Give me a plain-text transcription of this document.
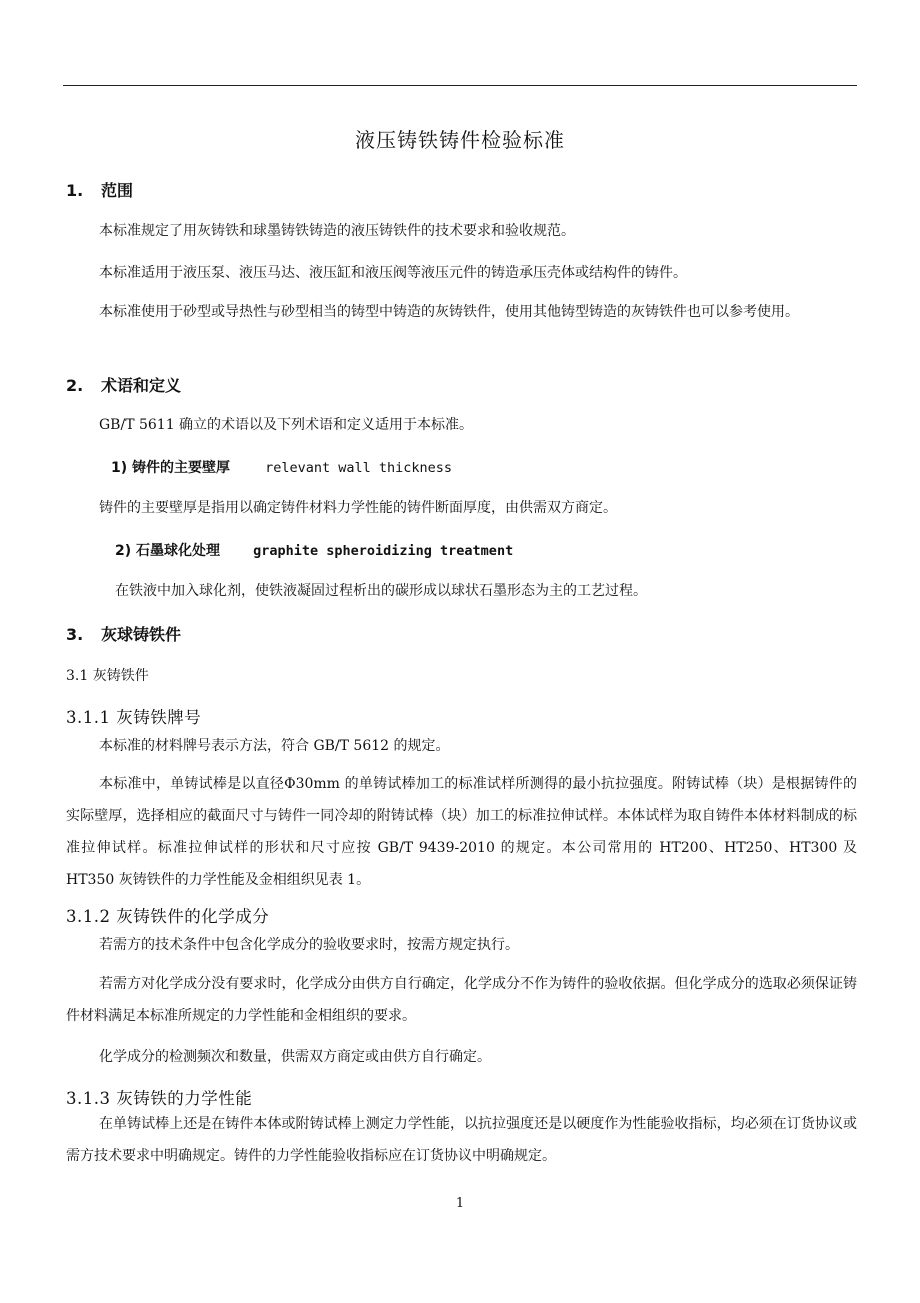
液压铸铁铸件检验标准
1. 范围
本标准规定了用灰铸铁和球墨铸铁铸造的液压铸铁件的技术要求和验收规范。
本标准适用于液压泵、液压马达、液压缸和液压阀等液压元件的铸造承压壳体或结构件的铸件。
本标准使用于砂型或导热性与砂型相当的铸型中铸造的灰铸铁件，使用其他铸型铸造的灰铸铁件也可以参考使用。
2. 术语和定义
GB/T 5611 确立的术语以及下列术语和定义适用于本标准。
1) 铸件的主要壁厚	relevant wall thickness
铸件的主要壁厚是指用以确定铸件材料力学性能的铸件断面厚度，由供需双方商定。
2) 石墨球化处理 graphite spheroidizing treatment
在铁液中加入球化剂，使铁液凝固过程析出的碳形成以球状石墨形态为主的工艺过程。
3. 灰球铸铁件
3.1 灰铸铁件
3.1.1 灰铸铁牌号
本标准的材料牌号表示方法，符合 GB/T 5612 的规定。
本标准中，单铸试棒是以直径Φ30mm 的单铸试棒加工的标准试样所测得的最小抗拉强度。附铸试棒（块）是根据铸件的实际壁厚，选择相应的截面尺寸与铸件一同冷却的附铸试棒（块）加工的标准拉伸试样。本体试样为取自铸件本体材料制成的标准拉伸试样。标准拉伸试样的形状和尺寸应按 GB/T 9439-2010 的规定。本公司常用的 HT200、HT250、HT300 及 HT350 灰铸铁件的力学性能及金相组织见表 1。
3.1.2 灰铸铁件的化学成分
若需方的技术条件中包含化学成分的验收要求时，按需方规定执行。
若需方对化学成分没有要求时，化学成分由供方自行确定，化学成分不作为铸件的验收依据。但化学成分的选取必须保证铸件材料满足本标准所规定的力学性能和金相组织的要求。
化学成分的检测频次和数量，供需双方商定或由供方自行确定。
3.1.3 灰铸铁的力学性能
在单铸试棒上还是在铸件本体或附铸试棒上测定力学性能，以抗拉强度还是以硬度作为性能验收指标，均必须在订货协议或需方技术要求中明确规定。铸件的力学性能验收指标应在订货协议中明确规定。
1
